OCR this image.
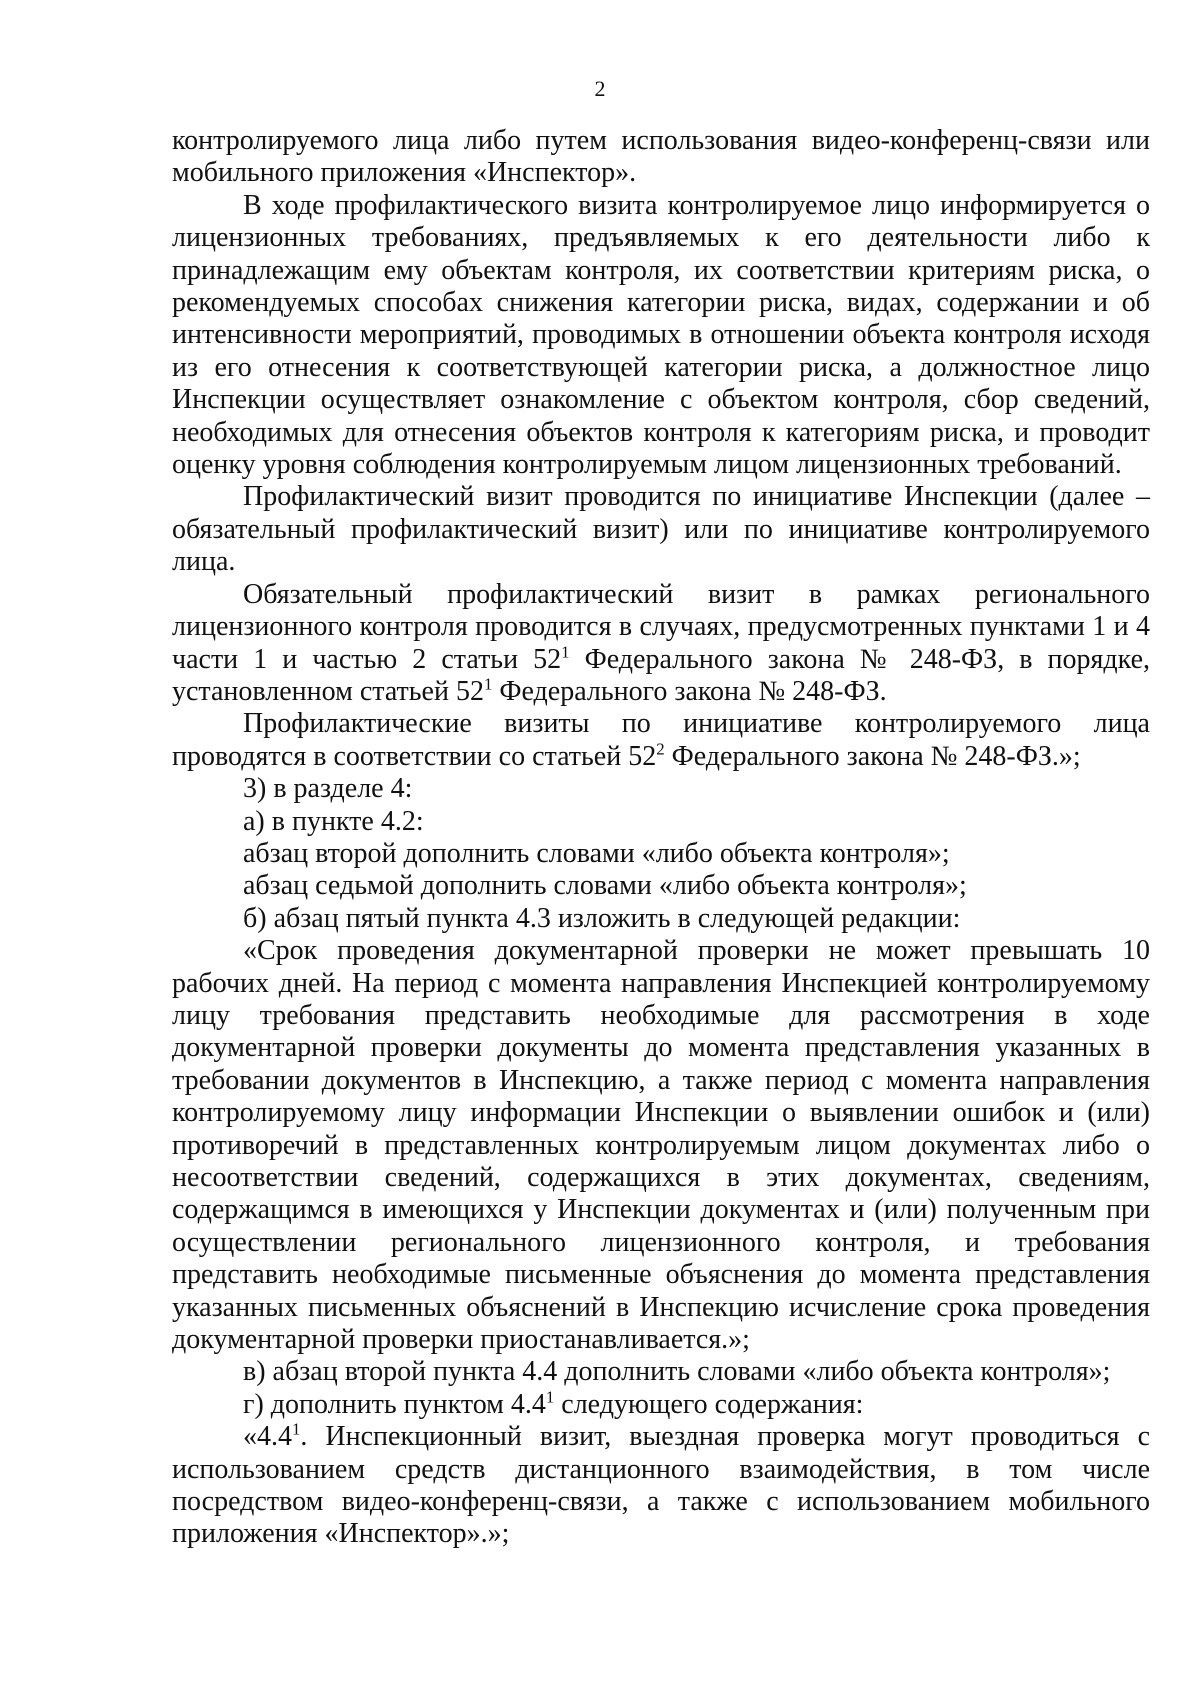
2

контролируемого лица либо путем использования видео-конференц-связи или мобильного приложения «Инспектор».

В ходе профилактического визита контролируемое лицо информируется о лицензионных требованиях, предъявляемых к его деятельности либо к принадлежащим ему объектам контроля, их соответствии критериям риска, о рекомендуемых способах снижения категории риска, видах, содержании и об интенсивности мероприятий, проводимых в отношении объекта контроля исходя из его отнесения к соответствующей категории риска, а должностное лицо Инспекции осуществляет ознакомление с объектом контроля, сбор сведений, необходимых для отнесения объектов контроля к категориям риска, и проводит оценку уровня соблюдения контролируемым лицом лицензионных требований.

Профилактический визит проводится по инициативе Инспекции (далее – обязательный профилактический визит) или по инициативе контролируемого лица.

Обязательный профилактический визит в рамках регионального лицензионного контроля проводится в случаях, предусмотренных пунктами 1 и 4 части 1 и частью 2 статьи $52^1$ Федерального закона № 248-ФЗ, в порядке, установленном статьей $52^1$ Федерального закона № 248-ФЗ.

Профилактические визиты по инициативе контролируемого лица проводятся в соответствии со статьей $52^2$ Федерального закона № 248-ФЗ.»;

3) в разделе 4:

а) в пункте 4.2:

абзац второй дополнить словами «либо объекта контроля»;

абзац седьмой дополнить словами «либо объекта контроля»;

б) абзац пятый пункта 4.3 изложить в следующей редакции:

«Срок проведения документарной проверки не может превышать 10 рабочих дней. На период с момента направления Инспекцией контролируемому лицу требования представить необходимые для рассмотрения в ходе документарной проверки документы до момента представления указанных в требовании документов в Инспекцию, а также период с момента направления контролируемому лицу информации Инспекции о выявлении ошибок и (или) противоречий в представленных контролируемым лицом документах либо о несоответствии сведений, содержащихся в этих документах, сведениям, содержащимся в имеющихся у Инспекции документах и (или) полученным при осуществлении регионального лицензионного контроля, и требования представить необходимые письменные объяснения до момента представления указанных письменных объяснений в Инспекцию исчисление срока проведения документарной проверки приостанавливается.»;

в) абзац второй пункта 4.4 дополнить словами «либо объекта контроля»;

г) дополнить пунктом $4.4^1$ следующего содержания:

«$4.4^1$. Инспекционный визит, выездная проверка могут проводиться с использованием средств дистанционного взаимодействия, в том числе посредством видео-конференц-связи, а также с использованием мобильного приложения «Инспектор».»;
